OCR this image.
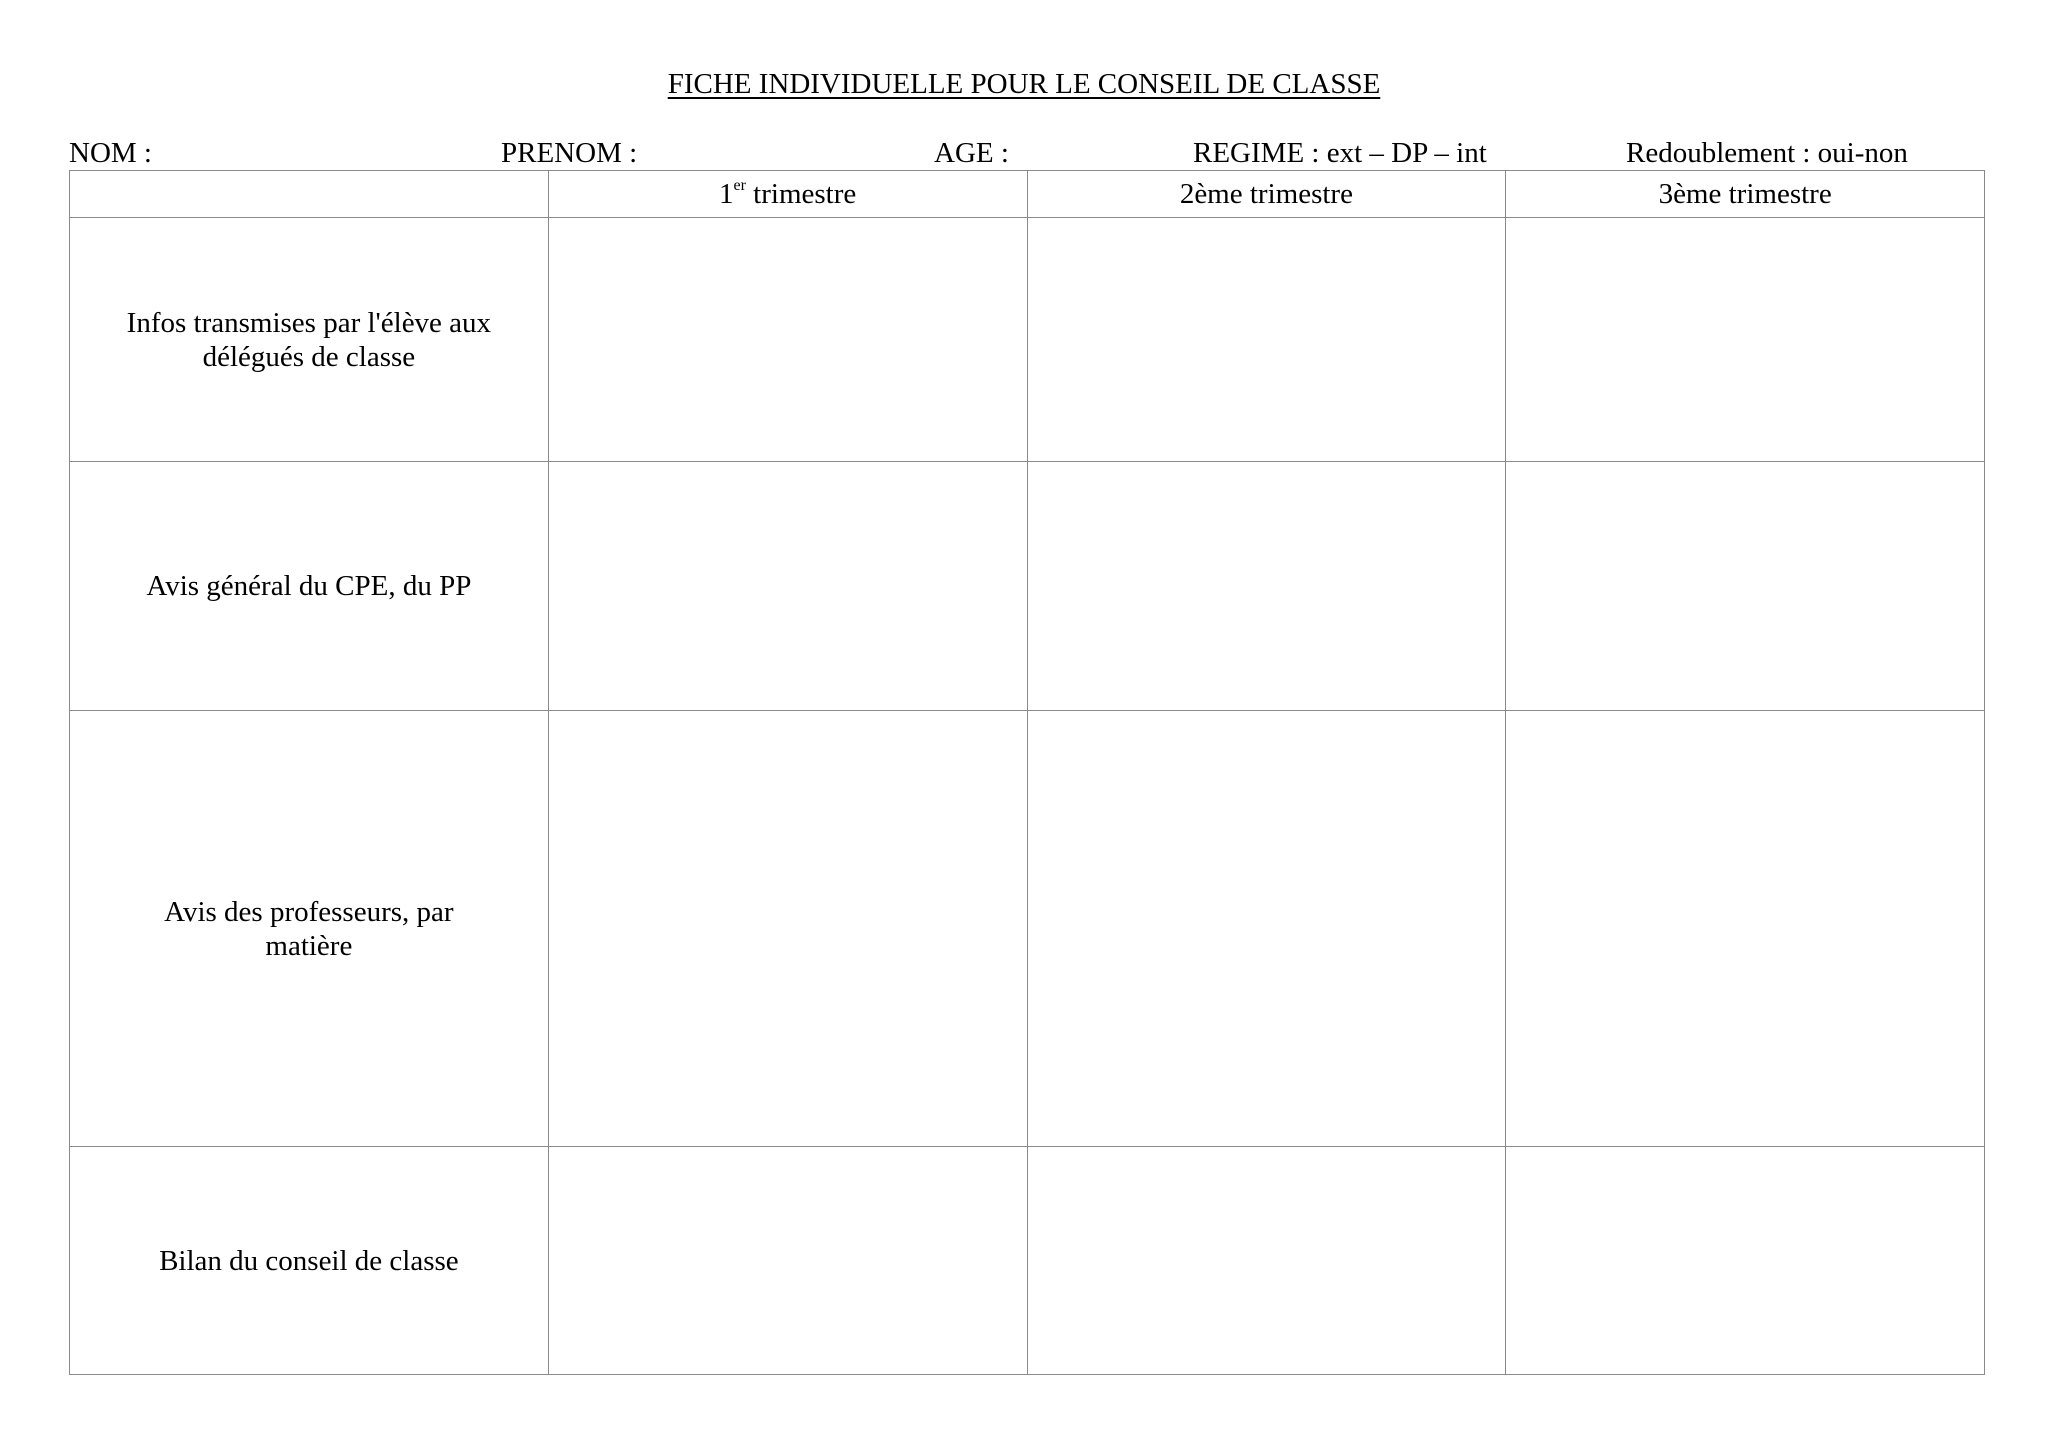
FICHE INDIVIDUELLE POUR LE CONSEIL DE CLASSE
NOM :	PRENOM :	AGE :	REGIME : ext – DP – int	Redoublement : oui-non
	1er trimestre	2ème trimestre	3ème trimestre

Infos transmises par l'élève aux délégués de classe			

Avis général du CPE, du PP			

Avis des professeurs, par matière			

Bilan du conseil de classe			
